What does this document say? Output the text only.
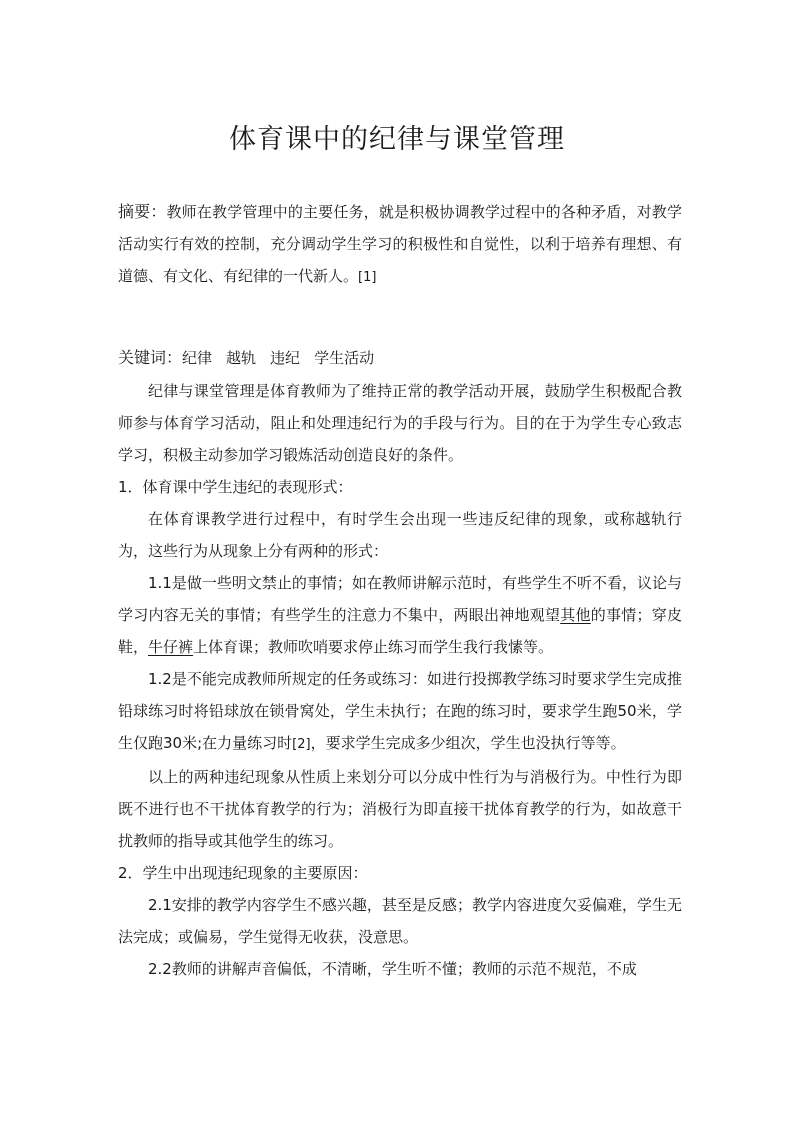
体育课中的纪律与课堂管理

摘要：教师在教学管理中的主要任务，就是积极协调教学过程中的各种矛盾，对教学活动实行有效的控制，充分调动学生学习的积极性和自觉性，以利于培养有理想、有道德、有文化、有纪律的一代新人。[1]

关键词：纪律 越轨 违纪 学生活动

纪律与课堂管理是体育教师为了维持正常的教学活动开展，鼓励学生积极配合教师参与体育学习活动，阻止和处理违纪行为的手段与行为。目的在于为学生专心致志学习，积极主动参加学习锻炼活动创造良好的条件。

1．体育课中学生违纪的表现形式：

在体育课教学进行过程中，有时学生会出现一些违反纪律的现象，或称越轨行为，这些行为从现象上分有两种的形式：

1.1是做一些明文禁止的事情；如在教师讲解示范时，有些学生不听不看，议论与学习内容无关的事情；有些学生的注意力不集中，两眼出神地观望其他的事情；穿皮鞋，牛仔裤上体育课；教师吹哨要求停止练习而学生我行我愫等。

1.2是不能完成教师所规定的任务或练习：如进行投掷教学练习时要求学生完成推铅球练习时将铅球放在锁骨窝处，学生未执行；在跑的练习时，要求学生跑50米，学生仅跑30米;在力量练习时[2]，要求学生完成多少组次，学生也没执行等等。

以上的两种违纪现象从性质上来划分可以分成中性行为与消极行为。中性行为即既不进行也不干扰体育教学的行为；消极行为即直接干扰体育教学的行为，如故意干扰教师的指导或其他学生的练习。

2．学生中出现违纪现象的主要原因：

2.1安排的教学内容学生不感兴趣，甚至是反感；教学内容进度欠妥偏难，学生无法完成；或偏易，学生觉得无收获，没意思。

2.2教师的讲解声音偏低，不清晰，学生听不懂；教师的示范不规范，不成
